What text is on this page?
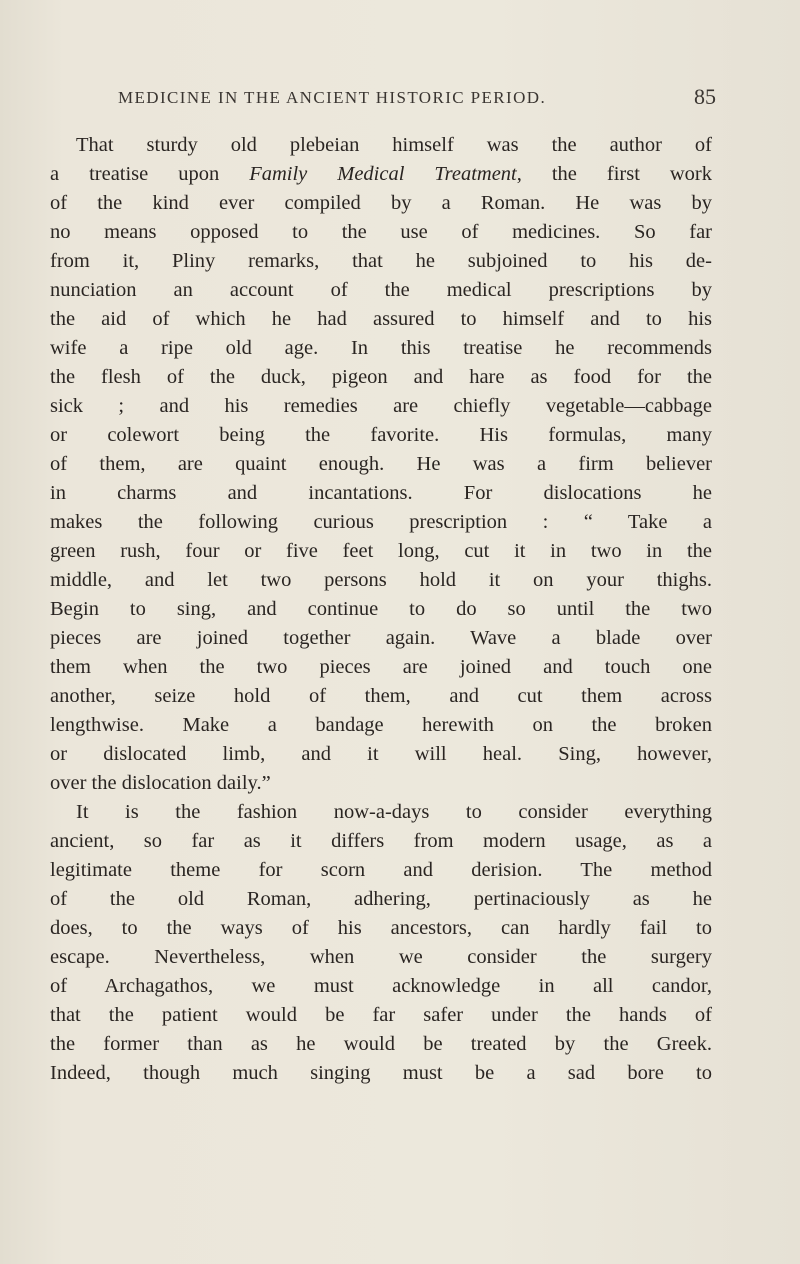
MEDICINE IN THE ANCIENT HISTORIC PERIOD.	85
That sturdy old plebeian himself was the author of
a treatise upon Family Medical Treatment, the first work
of the kind ever compiled by a Roman. He was by
no means opposed to the use of medicines. So far
from it, Pliny remarks, that he subjoined to his de-
nunciation an account of the medical prescriptions by
the aid of which he had assured to himself and to his
wife a ripe old age. In this treatise he recommends
the flesh of the duck, pigeon and hare as food for the
sick ; and his remedies are chiefly vegetable—cabbage
or colewort being the favorite. His formulas, many
of them, are quaint enough. He was a firm believer
in charms and incantations. For dislocations he
makes the following curious prescription : “ Take a
green rush, four or five feet long, cut it in two in the
middle, and let two persons hold it on your thighs.
Begin to sing, and continue to do so until the two
pieces are joined together again. Wave a blade over
them when the two pieces are joined and touch one
another, seize hold of them, and cut them across
lengthwise. Make a bandage herewith on the broken
or dislocated limb, and it will heal. Sing, however,
over the dislocation daily.”
It is the fashion now-a-days to consider everything
ancient, so far as it differs from modern usage, as a
legitimate theme for scorn and derision. The method
of the old Roman, adhering, pertinaciously as he
does, to the ways of his ancestors, can hardly fail to
escape. Nevertheless, when we consider the surgery
of Archagathos, we must acknowledge in all candor,
that the patient would be far safer under the hands of
the former than as he would be treated by the Greek.
Indeed, though much singing must be a sad bore to
